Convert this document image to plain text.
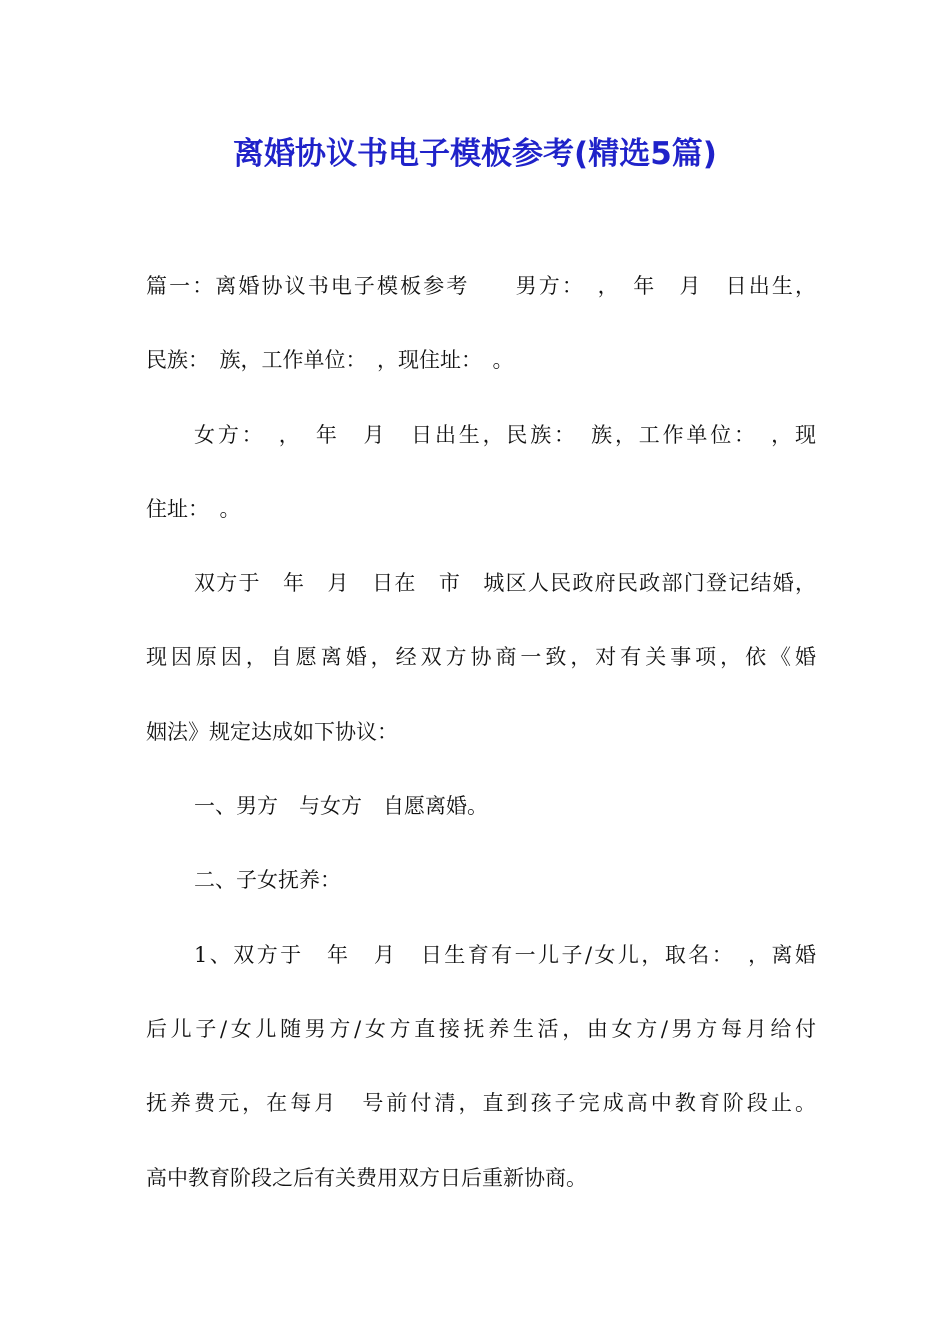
离婚协议书电子模板参考(精选5篇)
篇一：离婚协议书电子模板参考　　男方：　，　年　月　日出生，
民族：　族，工作单位：　，现住址：　。
女方：　，　年　月　日出生，民族：　族，工作单位：　，现
住址：　。
双方于　年　月　日在　市　城区人民政府民政部门登记结婚，
现因原因，自愿离婚，经双方协商一致，对有关事项，依《婚
姻法》规定达成如下协议：
一、男方　与女方　自愿离婚。
二、子女抚养：
1、双方于　年　月　日生育有一儿子/女儿，取名：　，离婚
后儿子/女儿随男方/女方直接抚养生活，由女方/男方每月给付
抚养费元，在每月　号前付清，直到孩子完成高中教育阶段止。
高中教育阶段之后有关费用双方日后重新协商。
